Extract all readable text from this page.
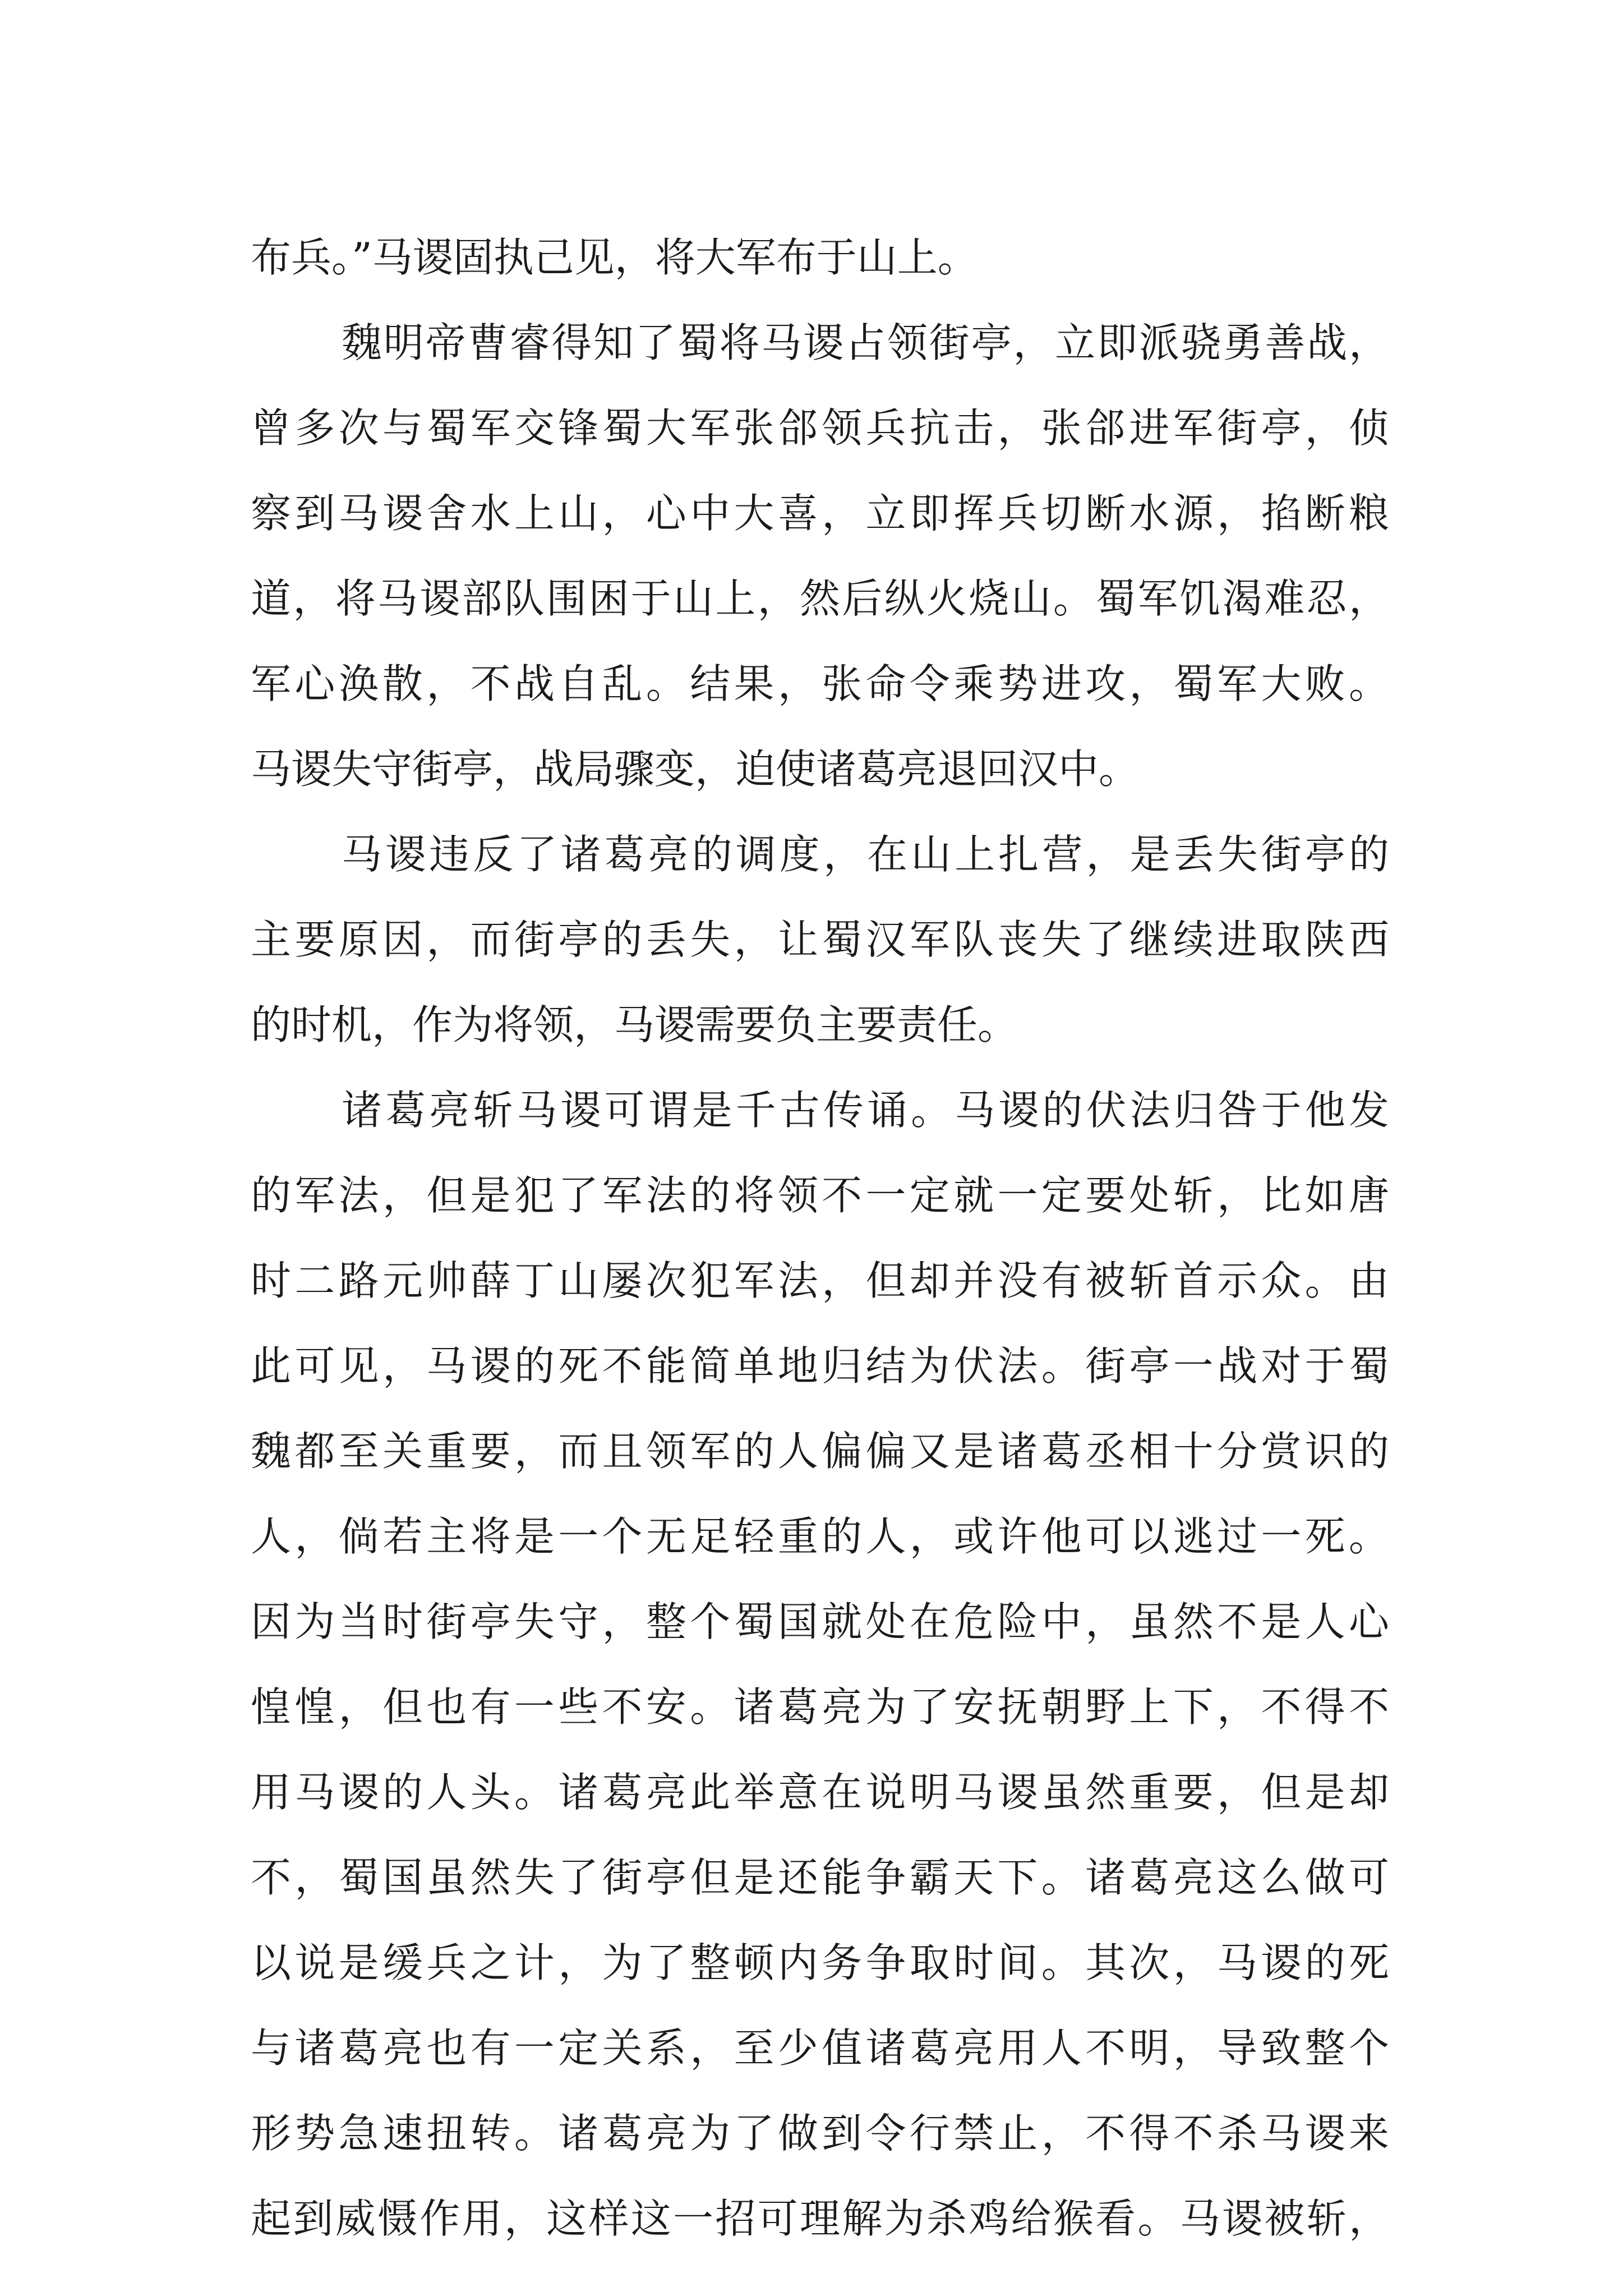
布兵。”马谡固执己见，将大军布于山上。
魏明帝曹睿得知了蜀将马谡占领街亭，立即派骁勇善战，
曾多次与蜀军交锋蜀大军张郃领兵抗击，张郃进军街亭，侦
察到马谡舍水上山，心中大喜，立即挥兵切断水源，掐断粮
道，将马谡部队围困于山上，然后纵火烧山。蜀军饥渴难忍，
军心涣散，不战自乱。结果，张命令乘势进攻，蜀军大败。
马谡失守街亭，战局骤变，迫使诸葛亮退回汉中。
马谡违反了诸葛亮的调度，在山上扎营，是丢失街亭的
主要原因，而街亭的丢失，让蜀汉军队丧失了继续进取陕西
的时机，作为将领，马谡需要负主要责任。
诸葛亮斩马谡可谓是千古传诵。马谡的伏法归咎于他发
的军法，但是犯了军法的将领不一定就一定要处斩，比如唐
时二路元帅薛丁山屡次犯军法，但却并没有被斩首示众。由
此可见，马谡的死不能简单地归结为伏法。街亭一战对于蜀
魏都至关重要，而且领军的人偏偏又是诸葛丞相十分赏识的
人，倘若主将是一个无足轻重的人，或许他可以逃过一死。
因为当时街亭失守，整个蜀国就处在危险中，虽然不是人心
惶惶，但也有一些不安。诸葛亮为了安抚朝野上下，不得不
用马谡的人头。诸葛亮此举意在说明马谡虽然重要，但是却
不，蜀国虽然失了街亭但是还能争霸天下。诸葛亮这么做可
以说是缓兵之计，为了整顿内务争取时间。其次，马谡的死
与诸葛亮也有一定关系，至少值诸葛亮用人不明，导致整个
形势急速扭转。诸葛亮为了做到令行禁止，不得不杀马谡来
起到威慑作用，这样这一招可理解为杀鸡给猴看。马谡被斩，
